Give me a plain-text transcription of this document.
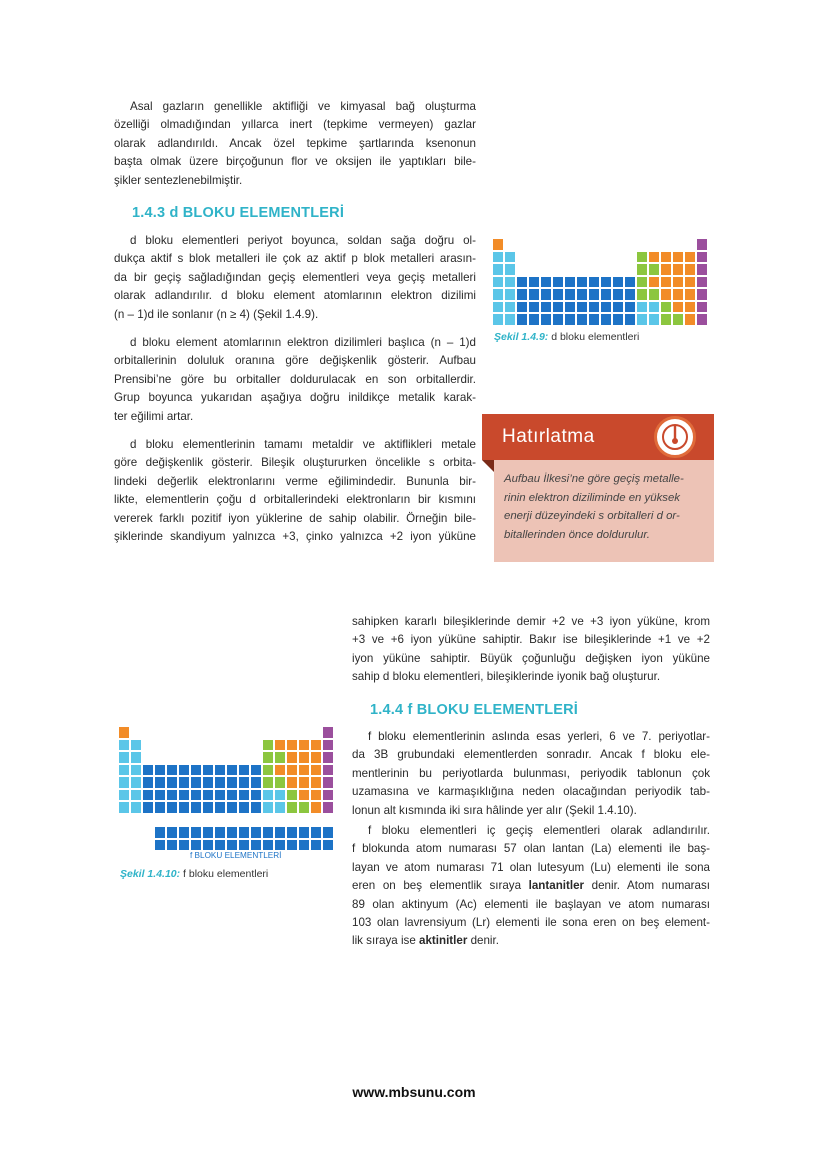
Asal gazların genellikle aktifliği ve kimyasal bağ oluşturma
özelliği olmadığından yıllarca inert (tepkime vermeyen) gazlar
olarak adlandırıldı. Ancak özel tepkime şartlarında ksenonun
başta olmak üzere birçoğunun flor ve oksijen ile yaptıkları bile-
şikler sentezlenebilmiştir.
1.4.3 d BLOKU ELEMENTLERİ
d bloku elementleri periyot boyunca, soldan sağa doğru ol-
dukça aktif s blok metalleri ile çok az aktif p blok metalleri arasın-
da bir geçiş sağladığından geçiş elementleri veya geçiş metalleri
olarak adlandırılır. d bloku element atomlarının elektron dizilimi
(n – 1)d ile sonlanır (n ≥ 4) (Şekil 1.4.9).
d bloku element atomlarının elektron dizilimleri başlıca (n – 1)d
orbitallerinin doluluk oranına göre değişkenlik gösterir. Aufbau
Prensibi’ne göre bu orbitaller doldurulacak en son orbitallerdir.
Grup boyunca yukarıdan aşağıya doğru inildikçe metalik karak-
ter eğilimi artar.
d bloku elementlerinin tamamı metaldir ve aktiflikleri metale
göre değişkenlik gösterir. Bileşik oluştururken öncelikle s orbita-
lindeki değerlik elektronlarını verme eğilimindedir. Bununla bir-
likte, elementlerin çoğu d orbitallerindeki elektronların bir kısmını
vererek farklı pozitif iyon yüklerine de sahip olabilir. Örneğin bile-
şiklerinde skandiyum yalnızca +3, çinko yalnızca +2 iyon yüküne
sahipken kararlı bileşiklerinde demir +2 ve +3 iyon yüküne, krom
+3 ve +6 iyon yüküne sahiptir. Bakır ise bileşiklerinde +1 ve +2
iyon yüküne sahiptir. Büyük çoğunluğu değişken iyon yüküne
sahip d bloku elementleri, bileşiklerinde iyonik bağ oluşturur.
1.4.4 f BLOKU ELEMENTLERİ
f bloku elementlerinin aslında esas yerleri, 6 ve 7. periyotlar-
da 3B grubundaki elementlerden sonradır. Ancak f bloku ele-
mentlerinin bu periyotlarda bulunması, periyodik tablonun çok
uzamasına ve karmaşıklığına neden olacağından periyodik tab-
lonun alt kısmında iki sıra hâlinde yer alır (Şekil 1.4.10).
f bloku elementleri iç geçiş elementleri olarak adlandırılır.
f blokunda atom numarası 57 olan lantan (La) elementi ile baş-
layan ve atom numarası 71 olan lutesyum (Lu) elementi ile sona
eren on beş elementlik sıraya lantanitler denir. Atom numarası
89 olan aktinyum (Ac) elementi ile başlayan ve atom numarası
103 olan lavrensiyum (Lr) elementi ile sona eren on beş element-
lik sıraya ise aktinitler denir.
d BLOKU ELEMENTLERİ
Şekil 1.4.9: d bloku elementleri
Hatırlatma
Aufbau İlkesi’ne göre geçiş metalle-
rinin elektron diziliminde en yüksek
enerji düzeyindeki s orbitalleri d or-
bitallerinden önce doldurulur.
f BLOKU ELEMENTLERİ
Şekil 1.4.10: f bloku elementleri
www.mbsunu.com
